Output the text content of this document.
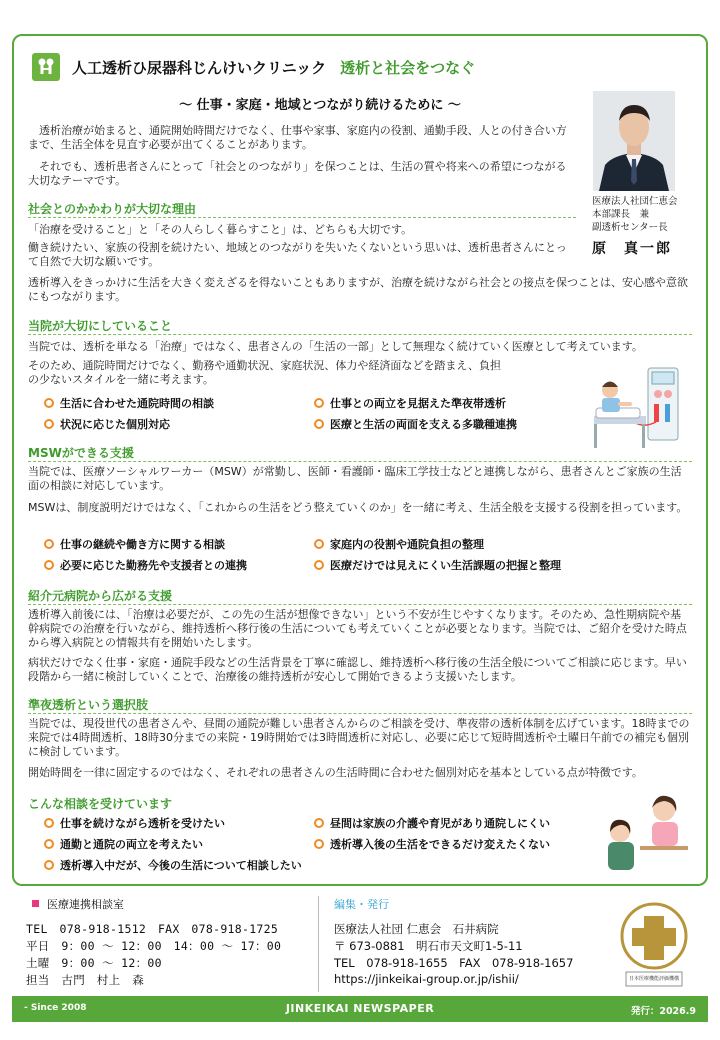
人工透析ひ尿器科じんけいクリニック 透析と社会をつなぐ
～ 仕事・家庭・地域とつながり続けるために ～
医療法人社団仁恵会
本部課長　兼
副透析センター長
原　真一郎
透析治療が始まると、通院開始時間だけでなく、仕事や家事、家庭内の役割、通勤手段、人との付き合い方まで、生活全体を見直す必要が出てくることがあります。
それでも、透析患者さんにとって「社会とのつながり」を保つことは、生活の質や将来への希望につながる大切なテーマです。
社会とのかかわりが大切な理由
「治療を受けること」と「その人らしく暮らすこと」は、どちらも大切です。
働き続けたい、家族の役割を続けたい、地域とのつながりを失いたくないという思いは、透析患者さんにとって自然で大切な願いです。
透析導入をきっかけに生活を大きく変えざるを得ないこともありますが、治療を続けながら社会との接点を保つことは、安心感や意欲にもつながります。
当院が大切にしていること
当院では、透析を単なる「治療」ではなく、患者さんの「生活の一部」として無理なく続けていく医療として考えています。
そのため、通院時間だけでなく、勤務や通勤状況、家庭状況、体力や経済面などを踏まえ、負担の少ないスタイルを一緒に考えます。
生活に合わせた通院時間の相談	仕事との両立を見据えた準夜帯透析
状況に応じた個別対応	医療と生活の両面を支える多職種連携
MSWができる支援
当院では、医療ソーシャルワーカー（MSW）が常勤し、医師・看護師・臨床工学技士などと連携しながら、患者さんとご家族の生活面の相談に対応しています。
MSWは、制度説明だけではなく、「これからの生活をどう整えていくのか」を一緒に考え、生活全般を支援する役割を担っています。
仕事の継続や働き方に関する相談	家庭内の役割や通院負担の整理
必要に応じた勤務先や支援者との連携	医療だけでは見えにくい生活課題の把握と整理
紹介元病院から広がる支援
透析導入前後には、「治療は必要だが、この先の生活が想像できない」という不安が生じやすくなります。そのため、急性期病院や基幹病院での治療を行いながら、維持透析へ移行後の生活についても考えていくことが必要となります。当院では、ご紹介を受けた時点から導入病院との情報共有を開始いたします。
病状だけでなく仕事・家庭・通院手段などの生活背景を丁寧に確認し、維持透析へ移行後の生活全般についてご相談に応じます。早い段階から一緒に検討していくことで、治療後の維持透析が安心して開始できるよう支援いたします。
準夜透析という選択肢
当院では、現役世代の患者さんや、昼間の通院が難しい患者さんからのご相談を受け、準夜帯の透析体制を広げています。18時までの来院では4時間透析、18時30分までの来院・19時開始では3時間透析に対応し、必要に応じて短時間透析や土曜日午前での補完も個別に検討しています。
開始時間を一律に固定するのではなく、それぞれの患者さんの生活時間に合わせた個別対応を基本としている点が特徴です。
こんな相談を受けています
仕事を続けながら透析を受けたい	昼間は家族の介護や育児があり通院しにくい
通勤と通院の両立を考えたい	透析導入後の生活をできるだけ変えたくない
透析導入中だが、今後の生活について相談したい
医療連携相談室
TEL　078-918-1512　FAX　078-918-1725
平日　9：00 ～ 12：00　14：00 ～ 17：00
土曜　9：00 ～ 12：00
担当　古門　村上　森
編集・発行
医療法人社団 仁恵会　石井病院
〒 673-0881　明石市天文町1-5-11
TEL　078-918-1655　FAX　078-918-1657
https://jinkeikai-group.or.jp/ishii/	日本医療機能評価機構
- Since 2008	JINKEIKAI NEWSPAPER	発行：2026.9
